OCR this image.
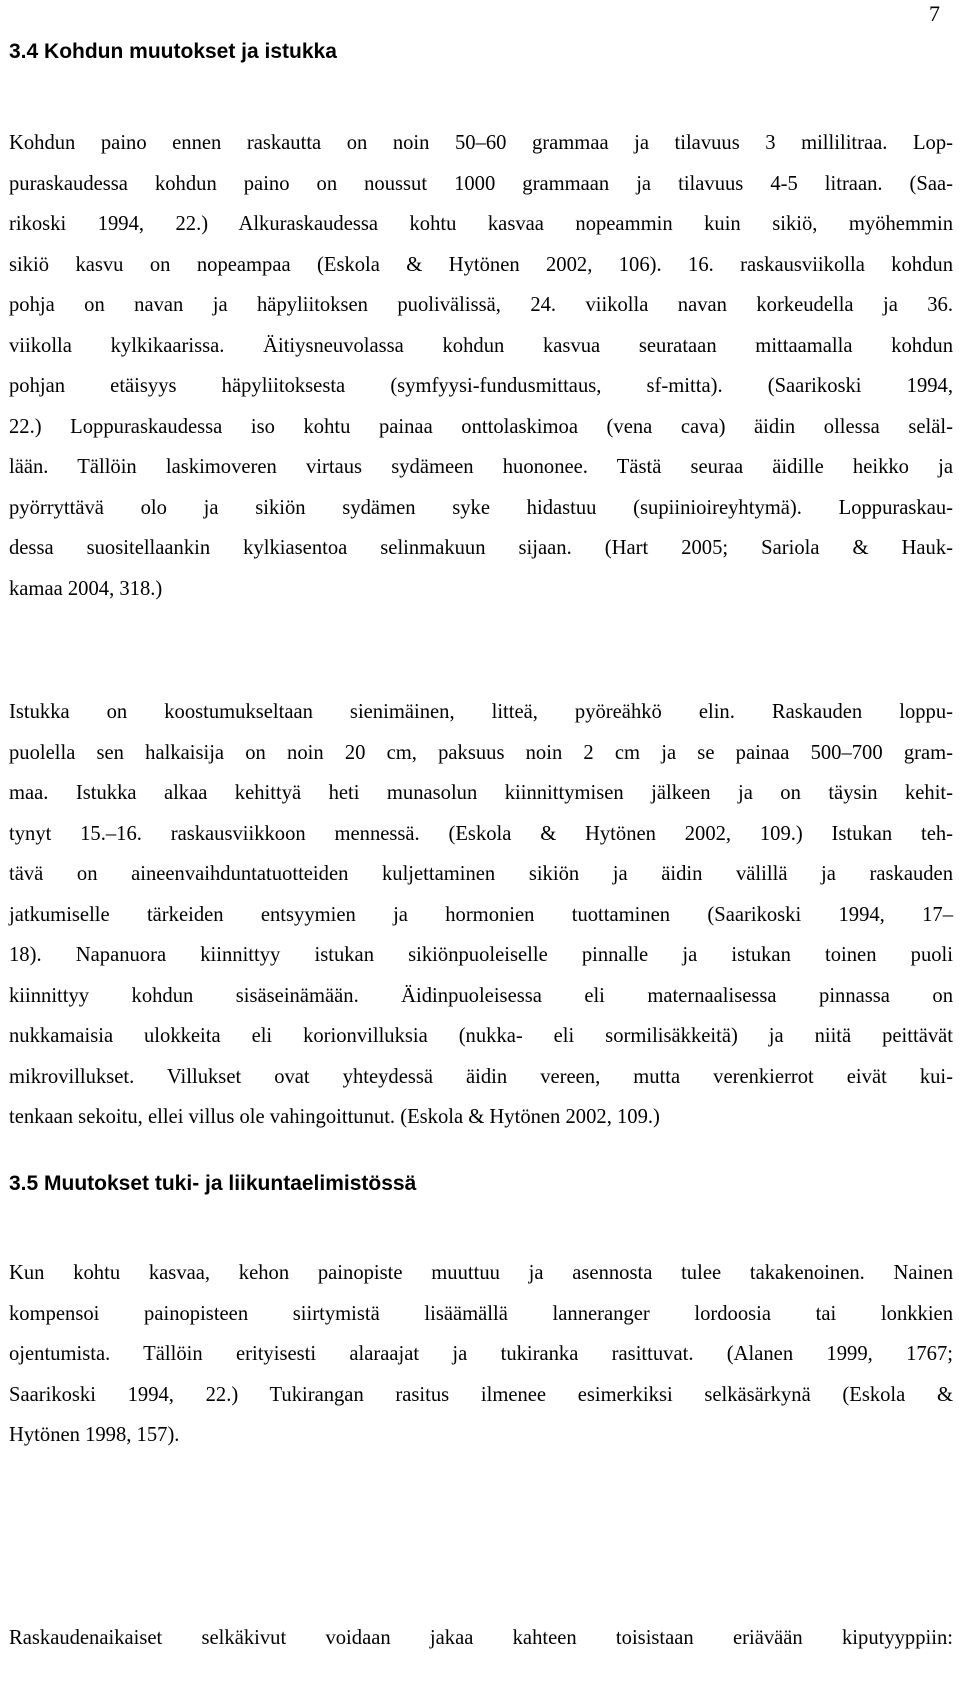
7
3.4 Kohdun muutokset ja istukka
Kohdun paino ennen raskautta on noin 50–60 grammaa ja tilavuus 3 millilitraa. Lop-
puraskaudessa kohdun paino on noussut 1000 grammaan ja tilavuus 4-5 litraan. (Saa-
rikoski 1994, 22.) Alkuraskaudessa kohtu kasvaa nopeammin kuin sikiö, myöhemmin
sikiö kasvu on nopeampaa (Eskola & Hytönen 2002, 106). 16. raskausviikolla kohdun
pohja on navan ja häpyliitoksen puolivälissä, 24. viikolla navan korkeudella ja 36.
viikolla kylkikaarissa. Äitiysneuvolassa kohdun kasvua seurataan mittaamalla kohdun
pohjan etäisyys häpyliitoksesta (symfyysi-fundusmittaus, sf-mitta). (Saarikoski 1994,
22.) Loppuraskaudessa iso kohtu painaa onttolaskimoa (vena cava) äidin ollessa seläl-
lään. Tällöin laskimoveren virtaus sydämeen huononee. Tästä seuraa äidille heikko ja
pyörryttävä olo ja sikiön sydämen syke hidastuu (supiinioireyhtymä). Loppuraskau-
dessa suositellaankin kylkiasentoa selinmakuun sijaan. (Hart 2005; Sariola & Hauk-
kamaa 2004, 318.)
Istukka on koostumukseltaan sienimäinen, litteä, pyöreähkö elin. Raskauden loppu-
puolella sen halkaisija on noin 20 cm, paksuus noin 2 cm ja se painaa 500–700 gram-
maa. Istukka alkaa kehittyä heti munasolun kiinnittymisen jälkeen ja on täysin kehit-
tynyt 15.–16. raskausviikkoon mennessä. (Eskola & Hytönen 2002, 109.) Istukan teh-
tävä on aineenvaihduntatuotteiden kuljettaminen sikiön ja äidin välillä ja raskauden
jatkumiselle tärkeiden entsyymien ja hormonien tuottaminen (Saarikoski 1994, 17–
18). Napanuora kiinnittyy istukan sikiönpuoleiselle pinnalle ja istukan toinen puoli
kiinnittyy kohdun sisäseinämään. Äidinpuoleisessa eli maternaalisessa pinnassa on
nukkamaisia ulokkeita eli korionvilluksia (nukka- eli sormilisäkkeitä) ja niitä peittävät
mikrovillukset. Villukset ovat yhteydessä äidin vereen, mutta verenkierrot eivät kui-
tenkaan sekoitu, ellei villus ole vahingoittunut. (Eskola & Hytönen 2002, 109.)
3.5 Muutokset tuki- ja liikuntaelimistössä
Kun kohtu kasvaa, kehon painopiste muuttuu ja asennosta tulee takakenoinen. Nainen
kompensoi painopisteen siirtymistä lisäämällä lanneranger lordoosia tai lonkkien
ojentumista. Tällöin erityisesti alaraajat ja tukiranka rasittuvat. (Alanen 1999, 1767;
Saarikoski 1994, 22.) Tukirangan rasitus ilmenee esimerkiksi selkäsärkynä (Eskola &
Hytönen 1998, 157).
Raskaudenaikaiset selkäkivut voidaan jakaa kahteen toisistaan eriävään kiputyyppiin:
